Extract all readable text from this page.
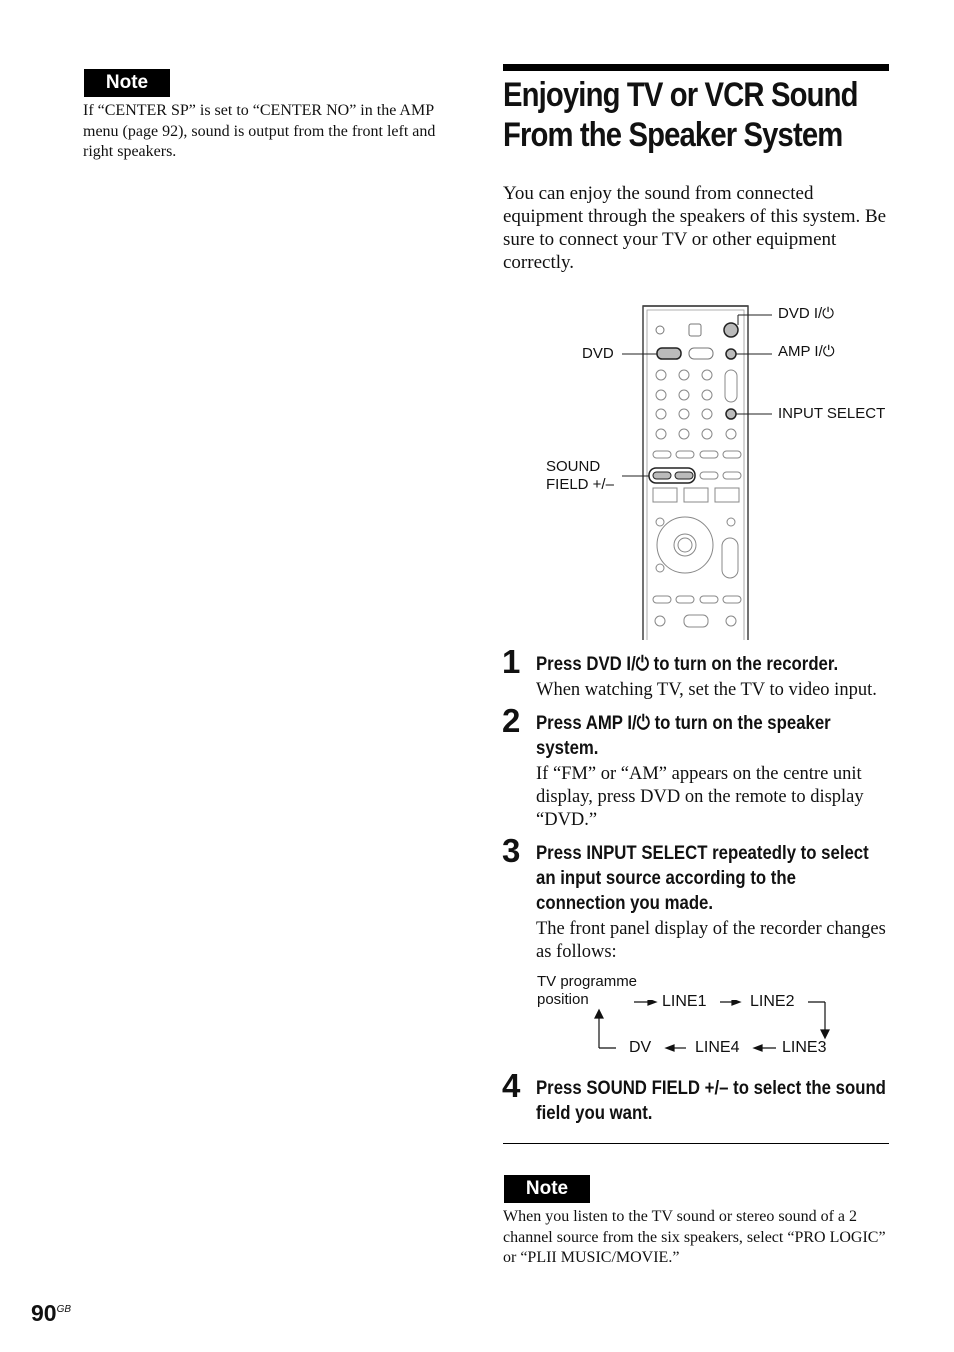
Note
If “CENTER SP” is set to “CENTER NO” in the AMP menu (page 92), sound is output from the front left and right speakers.
Enjoying TV or VCR Sound
From the Speaker System
You can enjoy the sound from connected equipment through the speakers of this system. Be sure to connect your TV or other equipment correctly.
DVD I/⏻
DVD	AMP I/⏻
INPUT SELECT
SOUND
FIELD +/–
1 Press DVD I/⏻ to turn on the recorder.
When watching TV, set the TV to video input.
2 Press AMP I/⏻ to turn on the speaker system.
If “FM” or “AM” appears on the centre unit display, press DVD on the remote to display “DVD.”
3 Press INPUT SELECT repeatedly to select an input source according to the connection you made.
The front panel display of the recorder changes as follows:
TV programme
position	LINE1	LINE2
LINE3
LINE4
DV
4 Press SOUND FIELD +/– to select the sound field you want.
Note
When you listen to the TV sound or stereo sound of a 2 channel source from the six speakers, select “PRO LOGIC” or “PLII MUSIC/MOVIE.”
$90^{GB}$
